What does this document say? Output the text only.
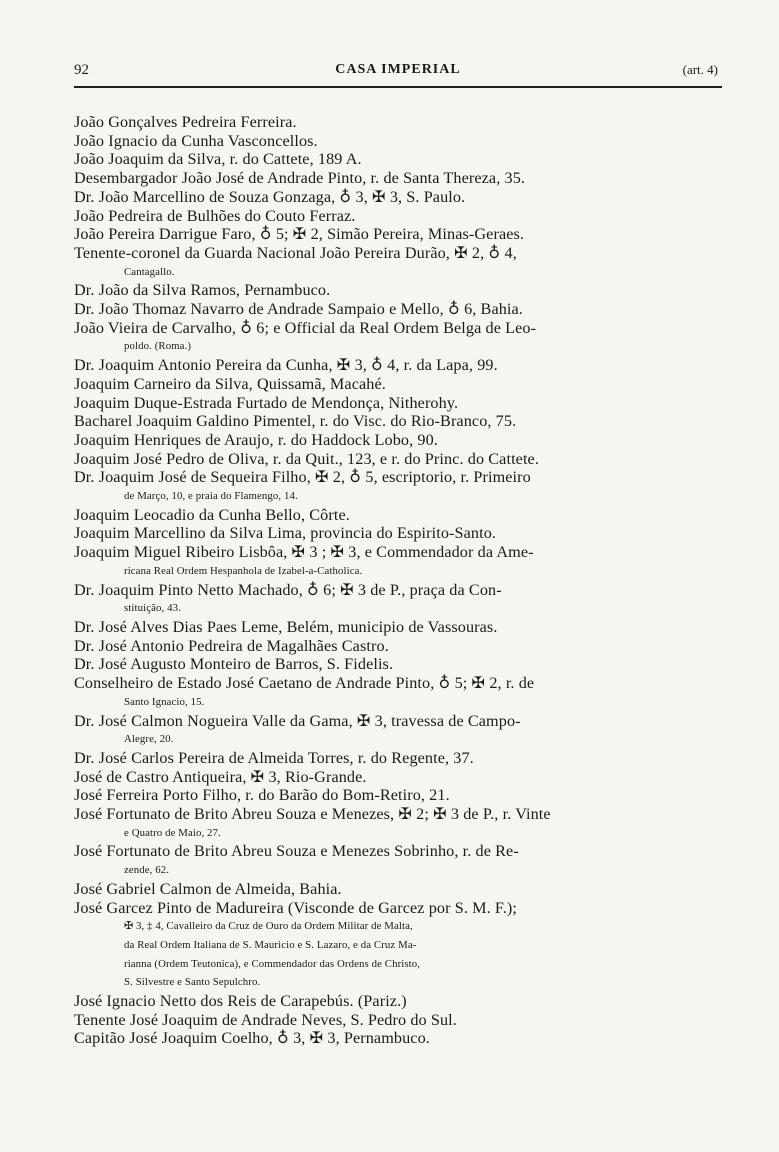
92	CASA IMPERIAL	(art. 4)

João Gonçalves Pedreira Ferreira.

João Ignacio da Cunha Vasconcellos.

João Joaquim da Silva, r. do Cattete, 189 A.

Desembargador João José de Andrade Pinto, r. de Santa Thereza, 35.

Dr. João Marcellino de Souza Gonzaga, ♁ 3, ✠ 3, S. Paulo.

João Pedreira de Bulhões do Couto Ferraz.

João Pereira Darrigue Faro, ♁ 5; ✠ 2, Simão Pereira, Minas-Geraes.

Tenente-coronel da Guarda Nacional João Pereira Durão, ✠ 2, ♁ 4,
Cantagallo.

Dr. João da Silva Ramos, Pernambuco.

Dr. João Thomaz Navarro de Andrade Sampaio e Mello, ♁ 6, Bahia.

João Vieira de Carvalho, ♁ 6; e Official da Real Ordem Belga de Leo-
poldo. (Roma.)

Dr. Joaquim Antonio Pereira da Cunha, ✠ 3, ♁ 4, r. da Lapa, 99.

Joaquim Carneiro da Silva, Quissamã, Macahé.

Joaquim Duque-Estrada Furtado de Mendonça, Nitherohy.

Bacharel Joaquim Galdino Pimentel, r. do Visc. do Rio-Branco, 75.

Joaquim Henriques de Araujo, r. do Haddock Lobo, 90.

Joaquim José Pedro de Oliva, r. da Quit., 123, e r. do Princ. do Cattete.

Dr. Joaquim José de Sequeira Filho, ✠ 2, ♁ 5, escriptorio, r. Primeiro
de Março, 10, e praia do Flamengo, 14.

Joaquim Leocadio da Cunha Bello, Côrte.

Joaquim Marcellino da Silva Lima, provincia do Espirito-Santo.

Joaquim Miguel Ribeiro Lisbôa, ✠ 3 ; ✠ 3, e Commendador da Ame-
ricana Real Ordem Hespanhola de Izabel-a-Catholica.

Dr. Joaquim Pinto Netto Machado, ♁ 6; ✠ 3 de P., praça da Con-
stituição, 43.

Dr. José Alves Dias Paes Leme, Belém, municipio de Vassouras.

Dr. José Antonio Pedreira de Magalhães Castro.

Dr. José Augusto Monteiro de Barros, S. Fidelis.

Conselheiro de Estado José Caetano de Andrade Pinto, ♁ 5; ✠ 2, r. de
Santo Ignacio, 15.

Dr. José Calmon Nogueira Valle da Gama, ✠ 3, travessa de Campo-
Alegre, 20.

Dr. José Carlos Pereira de Almeida Torres, r. do Regente, 37.

José de Castro Antiqueira, ✠ 3, Rio-Grande.

José Ferreira Porto Filho, r. do Barão do Bom-Retiro, 21.

José Fortunato de Brito Abreu Souza e Menezes, ✠ 2; ✠ 3 de P., r. Vinte
e Quatro de Maio, 27.

José Fortunato de Brito Abreu Souza e Menezes Sobrinho, r. de Re-
zende, 62.

José Gabriel Calmon de Almeida, Bahia.

José Garcez Pinto de Madureira (Visconde de Garcez por S. M. F.);
✠ 3, ‡ 4, Cavalleiro da Cruz de Ouro da Ordem Militar de Malta,
da Real Ordem Italiana de S. Mauricio e S. Lazaro, e da Cruz Ma-
rianna (Ordem Teutonica), e Commendador das Ordens de Christo,
S. Silvestre e Santo Sepulchro.

José Ignacio Netto dos Reis de Carapebús. (Pariz.)

Tenente José Joaquim de Andrade Neves, S. Pedro do Sul.

Capitão José Joaquim Coelho, ♁ 3, ✠ 3, Pernambuco.
